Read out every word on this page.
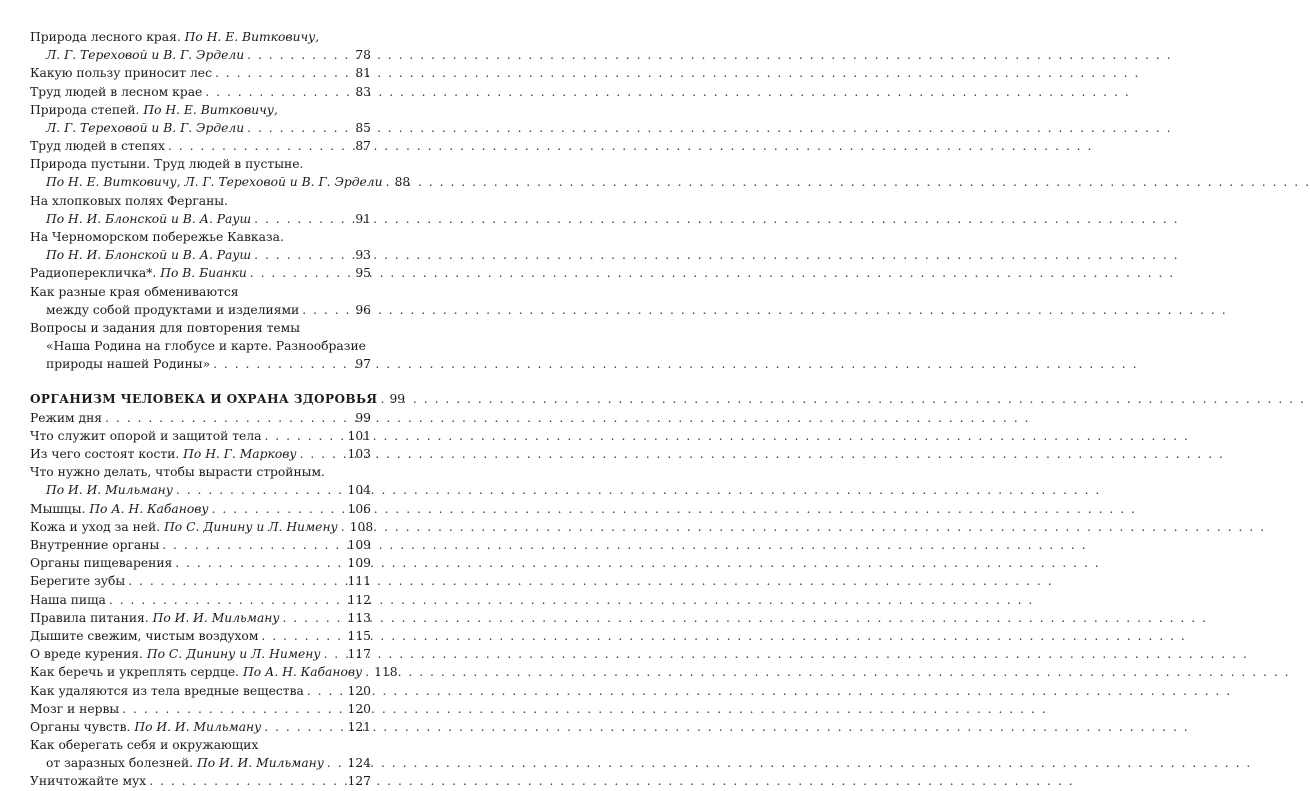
Природа лесного края. По Н. Е. Витковичу,
Л. Г. Тереховой и В. Г. Эрдели . . .	78
Какую пользу приносит лес . . .	81
Труд людей в лесном крае . . .	83
Природа степей. По Н. Е. Витковичу,
Л. Г. Тереховой и В. Г. Эрдели . . .	85
Труд людей в степях . . .	87
Природа пустыни. Труд людей в пустыне.
По Н. Е. Витковичу, Л. Г. Тереховой и В. Г. Эрдели . . . 88
На хлопковых полях Ферганы.
По Н. И. Блонской и В. А. Рауш . . .	91
На Черноморском побережье Кавказа.
По Н. И. Блонской и В. А. Рауш . . .	93
Радиоперекличка*. По В. Бианки . . .	95
Как разные края обмениваются
между собой продуктами и изделиями . . .	96
Вопросы и задания для повторения темы
«Наша Родина на глобусе и карте. Разнообразие
природы нашей Родины» . . .	97
ОРГАНИЗМ ЧЕЛОВЕКА И ОХРАНА ЗДОРОВЬЯ . . . 99
Режим дня . . .	99
Что служит опорой и защитой тела . . .	101
Из чего состоят кости. По Н. Г. Маркову . . .	103
Что нужно делать, чтобы вырасти стройным.
По И. И. Мильману . . .	104
Мышцы. По А. Н. Кабанову . . .	106
Кожа и уход за ней. По С. Динину и Л. Нимену . . . 108
Внутренние органы . . .	109
Органы пищеварения . . .	109
Берегите зубы . . .	111
Наша пища . . .	112
Правила питания. По И. И. Мильману . . .	113
Дышите свежим, чистым воздухом . . .	115
О вреде курения. По С. Динину и Л. Нимену . . . 117
Как беречь и укреплять сердце. По А. Н. Кабанову . . . 118
Как удаляются из тела вредные вещества . . .	120
Мозг и нервы . . .	120
Органы чувств. По И. И. Мильману . . .	121
Как оберегать себя и окружающих
от заразных болезней. По И. И. Мильману . . . 124
Уничтожайте мух . . .	127
